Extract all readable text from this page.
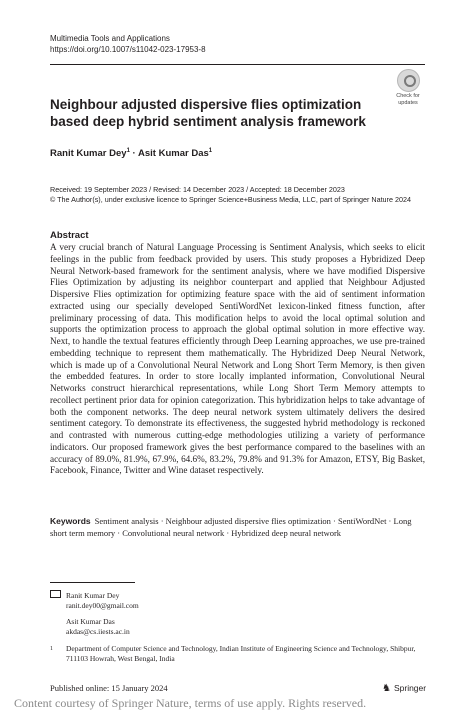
Multimedia Tools and Applications
https://doi.org/10.1007/s11042-023-17953-8
Check for
updates
Neighbour adjusted dispersive flies optimization based deep hybrid sentiment analysis framework
Ranit Kumar Dey$^1$ · Asit Kumar Das$^1$
Received: 19 September 2023 / Revised: 14 December 2023 / Accepted: 18 December 2023
© The Author(s), under exclusive licence to Springer Science+Business Media, LLC, part of Springer Nature 2024
Abstract
A very crucial branch of Natural Language Processing is Sentiment Analysis, which seeks to elicit feelings in the public from feedback provided by users. This study proposes a Hybridized Deep Neural Network-based framework for the sentiment analysis, where we have modified Dispersive Flies Optimization by adjusting its neighbor counterpart and applied that Neighbour Adjusted Dispersive Flies optimization for optimizing feature space with the aid of sentiment information extracted using our specially developed SentiWordNet lexicon-linked fitness function, after preliminary processing of data. This modification helps to avoid the local optimal solution and supports the optimization process to approach the global optimal solution in more effective way. Next, to handle the textual features efficiently through Deep Learning approaches, we use pre-trained embedding technique to represent them mathematically. The Hybridized Deep Neural Network, which is made up of a Convolutional Neural Network and Long Short Term Memory, is then given the embedded features. In order to store locally implanted information, Convolutional Neural Networks construct hierarchical representations, while Long Short Term Memory attempts to recollect pertinent prior data for opinion categorization. This hybridization helps to take advantage of both the component networks. The deep neural network system ultimately delivers the desired sentiment category. To demonstrate its effectiveness, the suggested hybrid methodology is reckoned and contrasted with numerous cutting-edge methodologies utilizing a variety of performance indicators. Our proposed framework gives the best performance compared to the baselines with an accuracy of 89.0%, 81.9%, 67.9%, 64.6%, 83.2%, 79.8% and 91.3% for Amazon, ETSY, Big Basket, Facebook, Finance, Twitter and Wine dataset respectively.
Keywords Sentiment analysis · Neighbour adjusted dispersive flies optimization · SentiWordNet · Long short term memory · Convolutional neural network · Hybridized deep neural network
Ranit Kumar Dey
ranit.dey00@gmail.com
Asit Kumar Das
akdas@cs.iiests.ac.in
1	Department of Computer Science and Technology, Indian Institute of Engineering Science and Technology, Shibpur, 711103 Howrah, West Bengal, India
Published online: 15 January 2024	♞ Springer
Content courtesy of Springer Nature, terms of use apply. Rights reserved.
